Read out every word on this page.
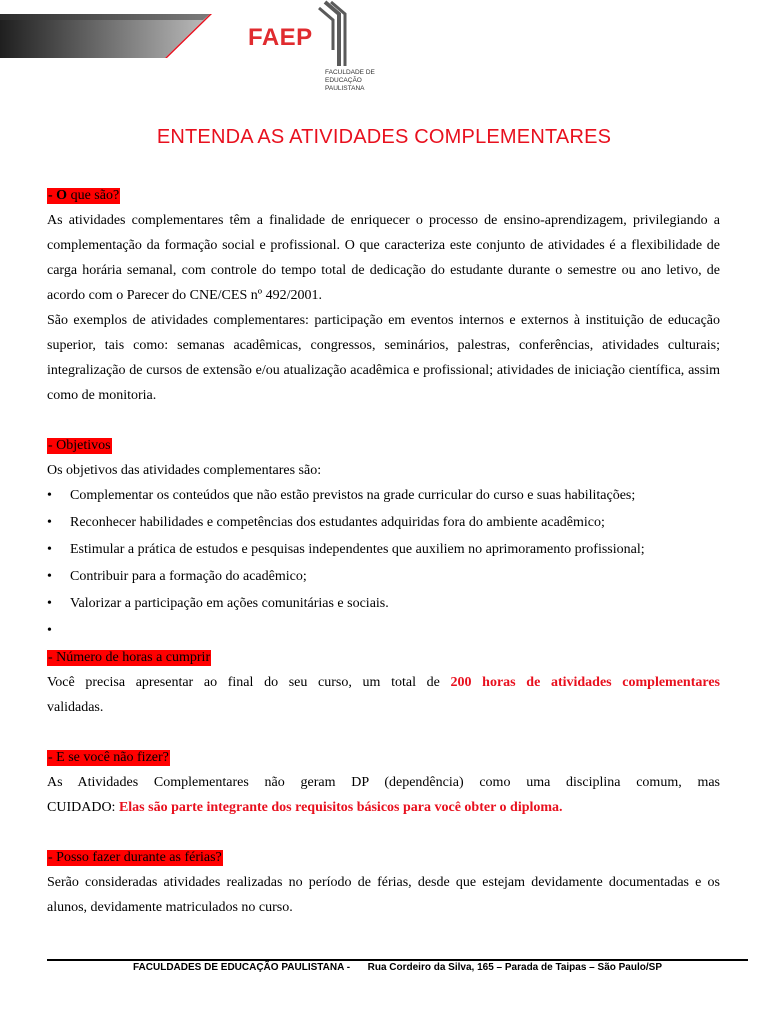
FAEP
FACULDADE DE
EDUCAÇÃO
PAULISTANA
ENTENDA AS ATIVIDADES COMPLEMENTARES
- O que são?
As atividades complementares têm a finalidade de enriquecer o processo de ensino-aprendizagem, privilegiando a complementação da formação social e profissional. O que caracteriza este conjunto de atividades é a flexibilidade de carga horária semanal, com controle do tempo total de dedicação do estudante durante o semestre ou ano letivo, de acordo com o Parecer do CNE/CES nº 492/2001.
São exemplos de atividades complementares: participação em eventos internos e externos à instituição de educação superior, tais como: semanas acadêmicas, congressos, seminários, palestras, conferências, atividades culturais; integralização de cursos de extensão e/ou atualização acadêmica e profissional; atividades de iniciação científica, assim como de monitoria.
- Objetivos
Os objetivos das atividades complementares são:
• Complementar os conteúdos que não estão previstos na grade curricular do curso e suas habilitações;
• Reconhecer habilidades e competências dos estudantes adquiridas fora do ambiente acadêmico;
• Estimular a prática de estudos e pesquisas independentes que auxiliem no aprimoramento profissional;
• Contribuir para a formação do acadêmico;
• Valorizar a participação em ações comunitárias e sociais.
•
- Número de horas a cumprir
Você precisa apresentar ao final do seu curso, um total de 200 horas de atividades complementares
validadas.
- E se você não fizer?
As Atividades Complementares não geram DP (dependência) como uma disciplina comum, mas
CUIDADO: Elas são parte integrante dos requisitos básicos para você obter o diploma.
- Posso fazer durante as férias?
Serão consideradas atividades realizadas no período de férias, desde que estejam devidamente documentadas e os alunos, devidamente matriculados no curso.
FACULDADES DE EDUCAÇÃO PAULISTANA - Rua Cordeiro da Silva, 165 – Parada de Taipas – São Paulo/SP
